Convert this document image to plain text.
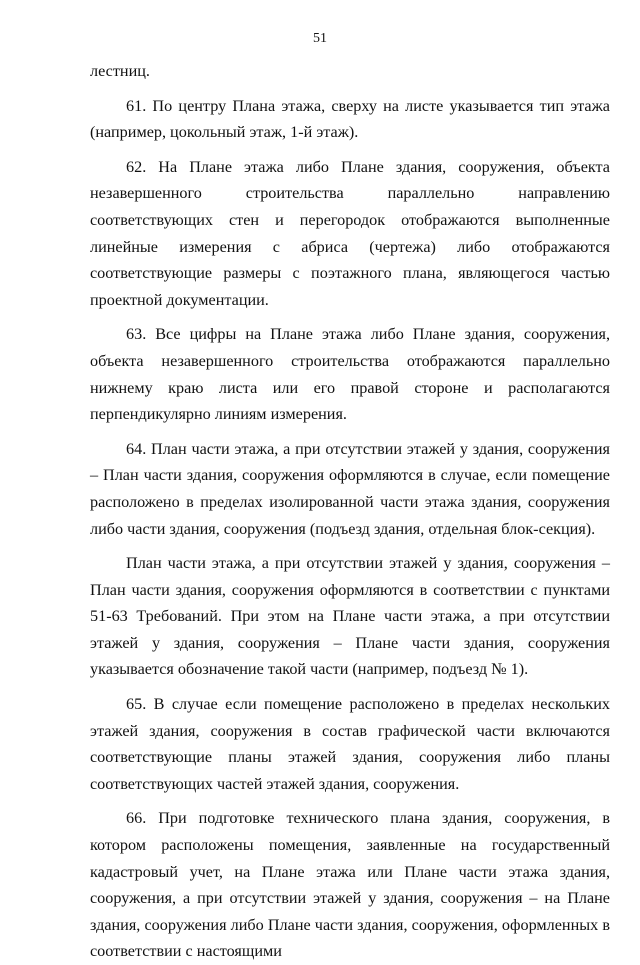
51

лестниц.

61. По центру Плана этажа, сверху на листе указывается тип этажа (например, цокольный этаж, 1-й этаж).

62. На Плане этажа либо Плане здания, сооружения, объекта незавершенного строительства параллельно направлению соответствующих стен и перегородок отображаются выполненные линейные измерения с абриса (чертежа) либо отображаются соответствующие размеры с поэтажного плана, являющегося частью проектной документации.

63. Все цифры на Плане этажа либо Плане здания, сооружения, объекта незавершенного строительства отображаются параллельно нижнему краю листа или его правой стороне и располагаются перпендикулярно линиям измерения.

64. План части этажа, а при отсутствии этажей у здания, сооружения – План части здания, сооружения оформляются в случае, если помещение расположено в пределах изолированной части этажа здания, сооружения либо части здания, сооружения (подъезд здания, отдельная блок-секция).

План части этажа, а при отсутствии этажей у здания, сооружения – План части здания, сооружения оформляются в соответствии с пунктами 51-63 Требований. При этом на Плане части этажа, а при отсутствии этажей у здания, сооружения – Плане части здания, сооружения указывается обозначение такой части (например, подъезд № 1).

65. В случае если помещение расположено в пределах нескольких этажей здания, сооружения в состав графической части включаются соответствующие планы этажей здания, сооружения либо планы соответствующих частей этажей здания, сооружения.

66. При подготовке технического плана здания, сооружения, в котором расположены помещения, заявленные на государственный кадастровый учет, на Плане этажа или Плане части этажа здания, сооружения, а при отсутствии этажей у здания, сооружения – на Плане здания, сооружения либо Плане части здания, сооружения, оформленных в соответствии с настоящими
